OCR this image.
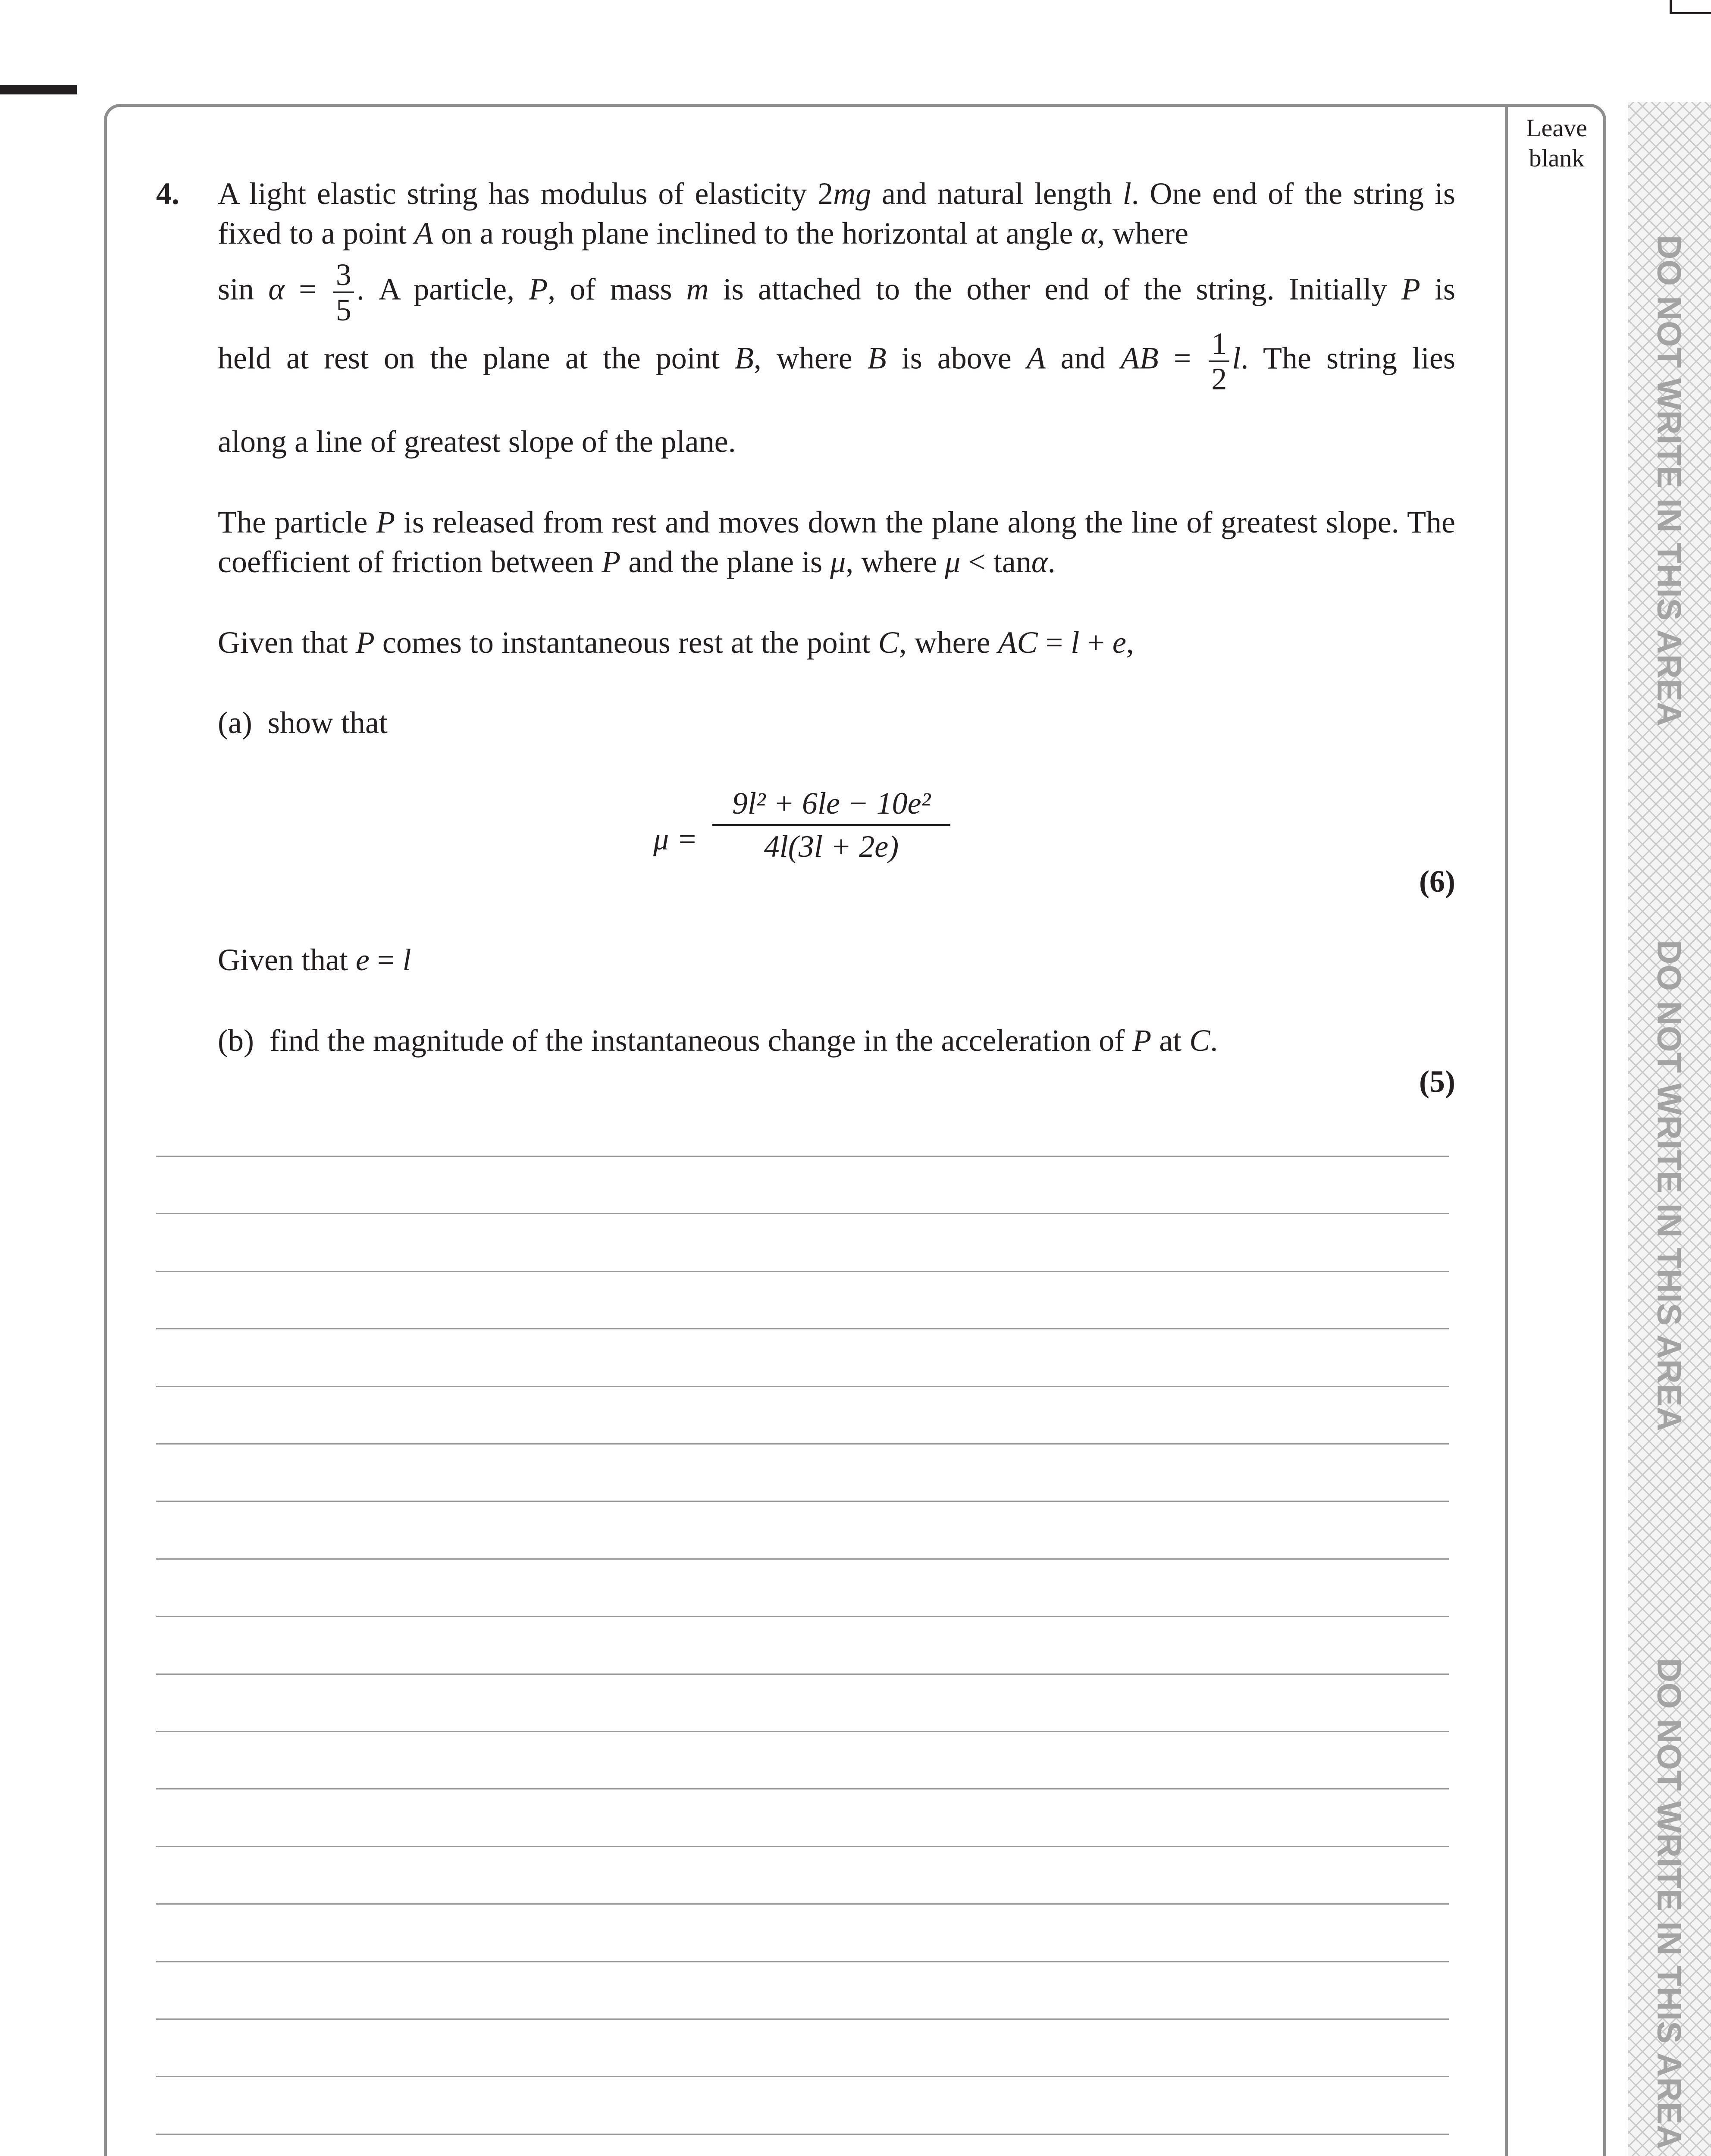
DO NOT WRITE IN THIS AREA
DO NOT WRITE IN THIS AREA
DO NOT WRITE IN THIS AREA
Leave
blank
4. A light elastic string has modulus of elasticity 2mg and natural length l. One end of the string is fixed to a point A on a rough plane inclined to the horizontal at angle α, where
$\sin \alpha = \frac{3}{5}$ . A particle, P, of mass m is attached to the other end of the string. Initially P is
held at rest on the plane at the point B, where B is above A and AB = $\frac{1}{2} l$. The string lies
along a line of greatest slope of the plane.
The particle P is released from rest and moves down the plane along the line of greatest slope. The coefficient of friction between P and the plane is μ, where μ < tanα.
Given that P comes to instantaneous rest at the point C, where AC = l + e,
(a) show that
$\mu = \frac{\text{9l² + 6le − 10e²}}{4l(3l + 2e)}$
(6)
Given that e = l
(b) find the magnitude of the instantaneous change in the acceleration of P at C.
(5)
